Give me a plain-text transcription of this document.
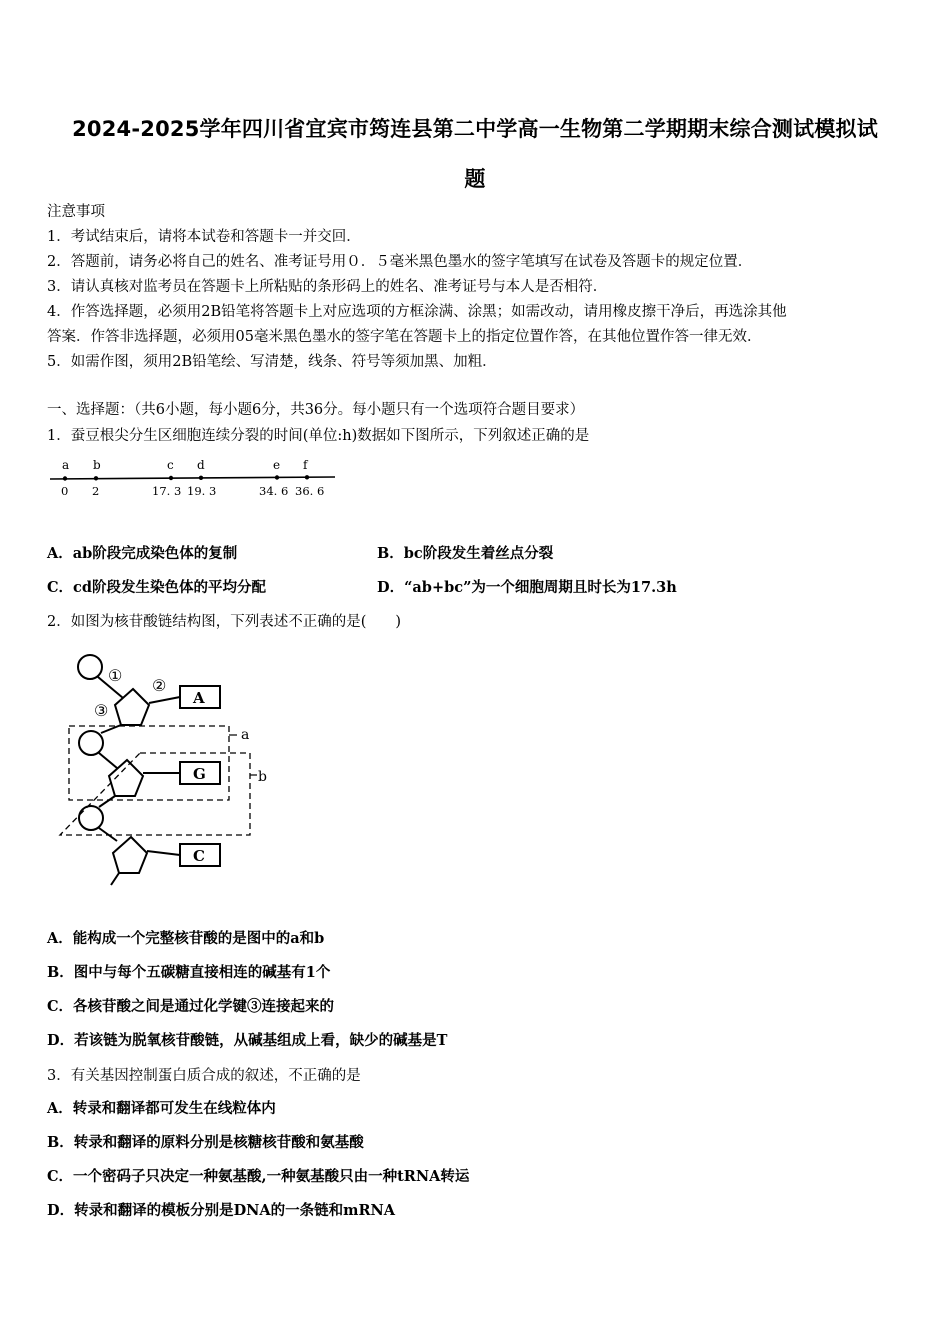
2024-2025学年四川省宜宾市筠连县第二中学高一生物第二学期期末综合测试模拟试
题
注意事项
1．考试结束后，请将本试卷和答题卡一并交回．
2．答题前，请务必将自己的姓名、准考证号用０．５毫米黑色墨水的签字笔填写在试卷及答题卡的规定位置．
3．请认真核对监考员在答题卡上所粘贴的条形码上的姓名、准考证号与本人是否相符．
4．作答选择题，必须用2B铅笔将答题卡上对应选项的方框涂满、涂黑；如需改动，请用橡皮擦干净后，再选涂其他
答案．作答非选择题，必须用05毫米黑色墨水的签字笔在答题卡上的指定位置作答，在其他位置作答一律无效．
5．如需作图，须用2B铅笔绘、写清楚，线条、符号等须加黑、加粗．
一、选择题：（共6小题，每小题6分，共36分。每小题只有一个选项符合题目要求）
1．蚕豆根尖分生区细胞连续分裂的时间(单位:h)数据如下图所示，下列叙述正确的是
a
0
b
2
c
17. 3
d
19. 3
e
34. 6
f
36. 6
A．ab阶段完成染色体的复制	B．bc阶段发生着丝点分裂
C．cd阶段发生染色体的平均分配	D．“ab+bc”为一个细胞周期且时长为17.3h
2．如图为核苷酸链结构图，下列表述不正确的是(　　)
①
②
③
A
G
C
a
b
A．能构成一个完整核苷酸的是图中的a和b
B．图中与每个五碳糖直接相连的碱基有1个
C．各核苷酸之间是通过化学键③连接起来的
D．若该链为脱氧核苷酸链，从碱基组成上看，缺少的碱基是T
3．有关基因控制蛋白质合成的叙述，不正确的是
A．转录和翻译都可发生在线粒体内
B．转录和翻译的原料分别是核糖核苷酸和氨基酸
C．一个密码子只决定一种氨基酸,一种氨基酸只由一种tRNA转运
D．转录和翻译的模板分别是DNA的一条链和mRNA
